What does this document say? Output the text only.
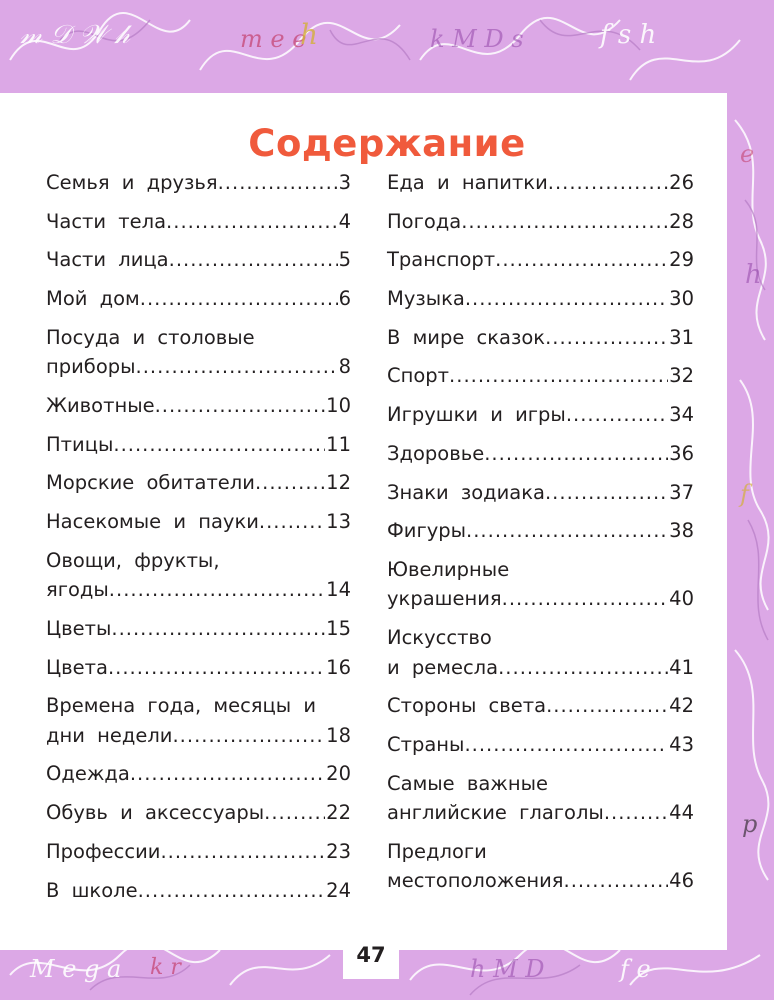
𝓂 𝒟 𝒲 𝒽	m e e
h	k M D s	f s h
e
h
f
p
M e g a k r	h M D	f e
Содержание
Семья и друзья .....	3
Части тела .....	4
Части лица .....	5
Мой дом .....	6
Посуда и столовые
приборы .....	8
Животные .....	10
Птицы .....	11
Морские обитатели .....	12
Насекомые и пауки .....	13
Овощи, фрукты,
ягоды .....	14
Цветы .....	15
Цвета .....	16
Времена года, месяцы и
дни недели .....	18
Одежда .....	20
Обувь и аксессуары .....	22
Профессии .....	23
В школе .....	24
Еда и напитки .....	26
Погода .....	28
Транспорт .....	29
Музыка .....	30
В мире сказок .....	31
Спорт .....	32
Игрушки и игры .....	34
Здоровье .....	36
Знаки зодиака .....	37
Фигуры .....	38
Ювелирные
украшения .....	40
Искусство
и ремесла .....	41
Стороны света .....	42
Страны .....	43
Самые важные
английские глаголы .....	44
Предлоги
местоположения .....	46
47
